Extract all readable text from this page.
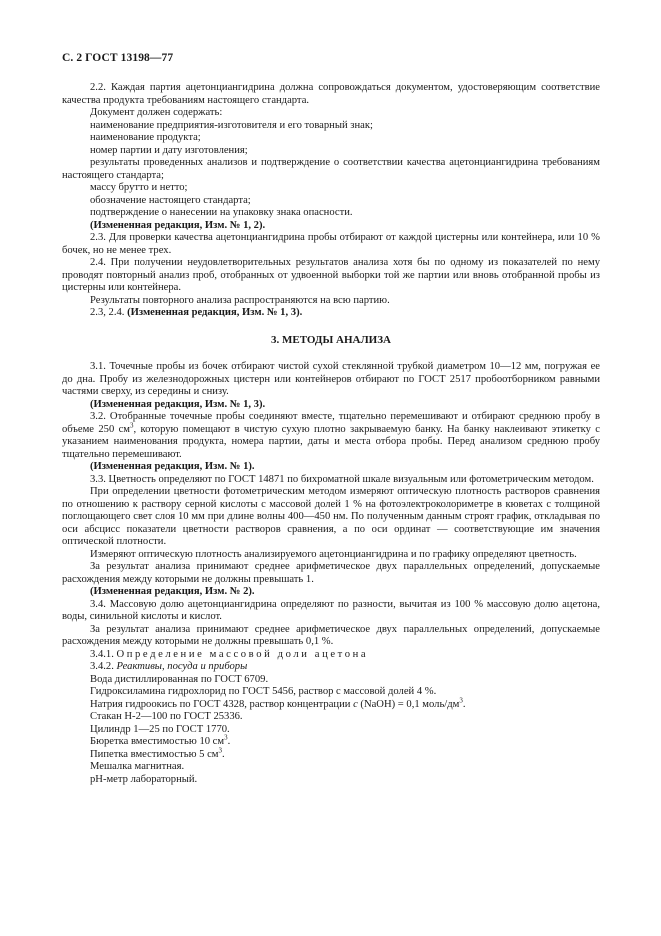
С. 2 ГОСТ 13198—77

2.2. Каждая партия ацетонциангидрина должна сопровождаться документом, удостоверяющим соответствие качества продукта требованиям настоящего стандарта.

Документ должен содержать:

наименование предприятия-изготовителя и его товарный знак;

наименование продукта;

номер партии и дату изготовления;

результаты проведенных анализов и подтверждение о соответствии качества ацетонциангидрина требованиям настоящего стандарта;

массу брутто и нетто;

обозначение настоящего стандарта;

подтверждение о нанесении на упаковку знака опасности.

(Измененная редакция, Изм. № 1, 2).

2.3. Для проверки качества ацетонциангидрина пробы отбирают от каждой цистерны или контейнера, или 10 % бочек, но не менее трех.

2.4. При получении неудовлетворительных результатов анализа хотя бы по одному из показателей по нему проводят повторный анализ проб, отобранных от удвоенной выборки той же партии или вновь отобранной пробы из цистерны или контейнера.

Результаты повторного анализа распространяются на всю партию.

2.3, 2.4. (Измененная редакция, Изм. № 1, 3).

3. МЕТОДЫ АНАЛИЗА

3.1. Точечные пробы из бочек отбирают чистой сухой стеклянной трубкой диаметром 10—12 мм, погружая ее до дна. Пробу из железнодорожных цистерн или контейнеров отбирают по ГОСТ 2517 пробоотборником равными частями сверху, из середины и снизу.

(Измененная редакция, Изм. № 1, 3).

3.2. Отобранные точечные пробы соединяют вместе, тщательно перемешивают и отбирают среднюю пробу в объеме 250 $см^3$, которую помещают в чистую сухую плотно закрываемую банку. На банку наклеивают этикетку с указанием наименования продукта, номера партии, даты и места отбора пробы. Перед анализом среднюю пробу тщательно перемешивают.

(Измененная редакция, Изм. № 1).

3.3. Цветность определяют по ГОСТ 14871 по бихроматной шкале визуальным или фотометрическим методом.

При определении цветности фотометрическим методом измеряют оптическую плотность растворов сравнения по отношению к раствору серной кислоты с массовой долей 1 % на фотоэлектроколориметре в кюветах с толщиной поглощающего свет слоя 10 мм при длине волны 400—450 нм. По полученным данным строят график, откладывая по оси абсцисс показатели цветности растворов сравнения, а по оси ординат — соответствующие им значения оптической плотности.

Измеряют оптическую плотность анализируемого ацетонциангидрина и по графику определяют цветность.

За результат анализа принимают среднее арифметическое двух параллельных определений, допускаемые расхождения между которыми не должны превышать 1.

(Измененная редакция, Изм. № 2).

3.4. Массовую долю ацетонциангидрина определяют по разности, вычитая из 100 % массовую долю ацетона, воды, синильной кислоты и кислот.

За результат анализа принимают среднее арифметическое двух параллельных определений, допускаемые расхождения между которыми не должны превышать 0,1 %.

3.4.1. Определение массовой доли ацетона

3.4.2. Реактивы, посуда и приборы

Вода дистиллированная по ГОСТ 6709.

Гидроксиламина гидрохлорид по ГОСТ 5456, раствор с массовой долей 4 %.

Натрия гидроокись по ГОСТ 4328, раствор концентрации c (NaOH) = 0,1 моль/$дм^3$.

Стакан Н-2—100 по ГОСТ 25336.

Цилиндр 1—25 по ГОСТ 1770.

Бюретка вместимостью 10 $см^3$.

Пипетка вместимостью 5 $см^3$.

Мешалка магнитная.

рН-метр лабораторный.
